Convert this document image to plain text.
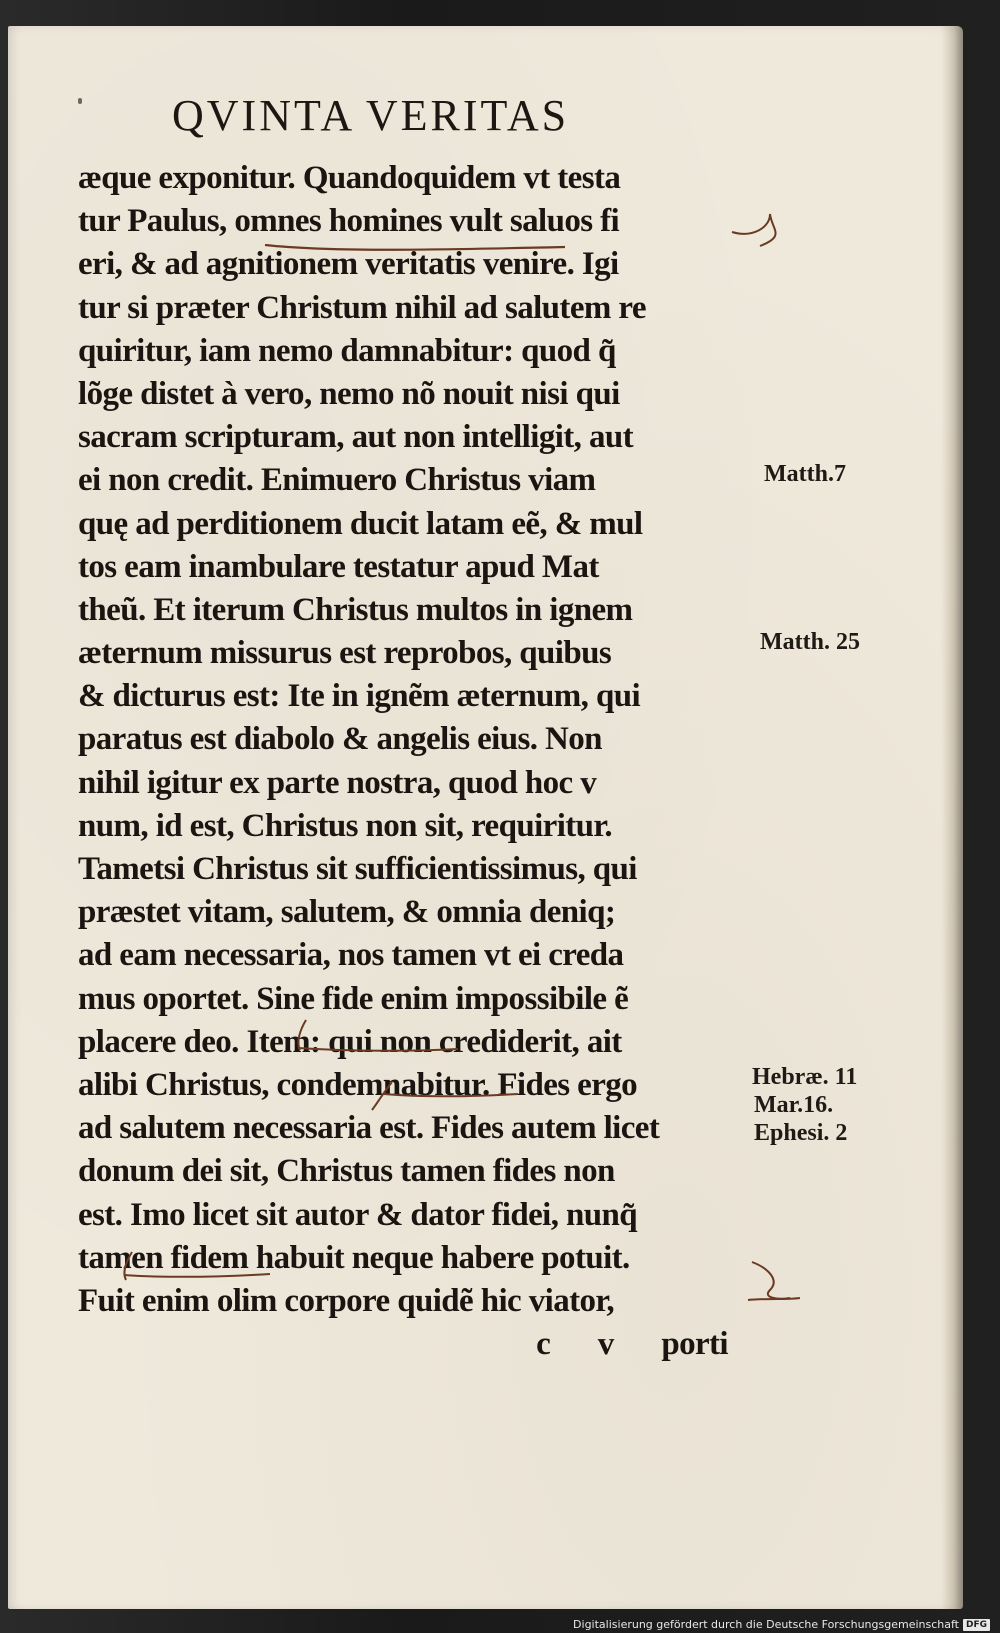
QVINTA VERITAS
æque exponitur. Quandoquidem vt testa
tur Paulus, omnes homines vult saluos fi
eri, & ad agnitionem veritatis venire. Igi
tur si præter Christum nihil ad salutem re
quiritur, iam nemo damnabitur: quod q̃
lõge distet à vero, nemo nõ nouit nisi qui
sacram scripturam, aut non intelligit, aut
ei non credit. Enimuero Christus viam
quę ad perditionem ducit latam eẽ, & mul
tos eam inambulare testatur apud Mat
theũ. Et iterum Christus multos in ignem
æternum missurus est reprobos, quibus
& dicturus est: Ite in ignẽm æternum, qui
paratus est diabolo & angelis eius. Non
nihil igitur ex parte nostra, quod hoc v
num, id est, Christus non sit, requiritur.
Tametsi Christus sit sufficientissimus, qui
præstet vitam, salutem, & omnia deniq;
ad eam necessaria, nos tamen vt ei creda
mus oportet. Sine fide enim impossibile ẽ
placere deo. Item: qui non crediderit, ait
alibi Christus, condemnabitur. Fides ergo
ad salutem necessaria est. Fides autem licet
donum dei sit, Christus tamen fides non
est. Imo licet sit autor & dator fidei, nunq̃
tamen fidem habuit neque habere potuit.
Fuit enim olim corpore quidẽ hic viator,
c v porti
Matth.7
Matth. 25
Hebræ. 11
Mar.16.
Ephesi. 2
Digitalisierung gefördert durch die Deutsche Forschungsgemeinschaft DFG
